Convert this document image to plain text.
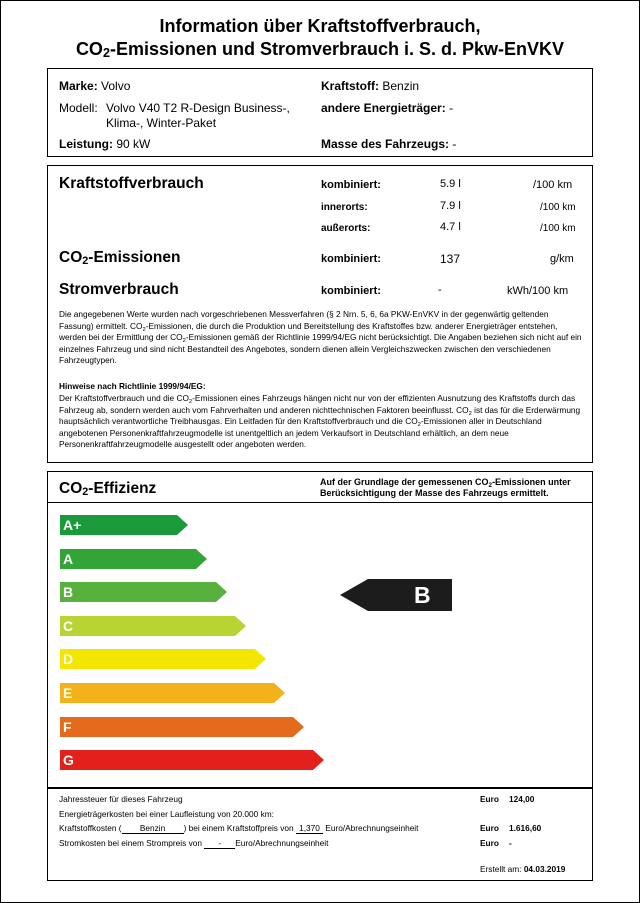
Information über Kraftstoffverbrauch,
$CO_2$-Emissionen und Stromverbrauch i. S. d. Pkw-EnVKV
Marke: Volvo
Modell: Volvo V40 T2 R-Design Business-,
Klima-, Winter-Paket
Leistung: 90 kW
Kraftstoff: Benzin
andere Energieträger: -
Masse des Fahrzeugs: -
Kraftstoffverbrauch	kombiniert:	5.9 l	/100 km
innerorts:	7.9 l	/100 km
außerorts:	4.7 l	/100 km
$CO_2$-Emissionen	kombiniert:	137	g/km
Stromverbrauch	kombiniert:	-	kWh/100 km
Die angegebenen Werte wurden nach vorgeschriebenen Messverfahren (§ 2 Nrn. 5, 6, 6a PKW-EnVKV in der gegenwärtig geltenden Fassung) ermittelt. $CO_2$-Emissionen, die durch die Produktion und Bereitstellung des Kraftstoffes bzw. anderer Energieträger entstehen, werden bei der Ermittlung der $CO_2$-Emissionen gemäß der Richtlinie 1999/94/EG nicht berücksichtigt. Die Angaben beziehen sich nicht auf ein einzelnes Fahrzeug und sind nicht Bestandteil des Angebotes, sondern dienen allein Vergleichszwecken zwischen den verschiedenen Fahrzeugtypen.
Hinweise nach Richtlinie 1999/94/EG:
Der Kraftstoffverbrauch und die $CO_2$-Emissionen eines Fahrzeugs hängen nicht nur von der effizienten Ausnutzung des Kraftstoffs durch das Fahrzeug ab, sondern werden auch vom Fahrverhalten und anderen nichttechnischen Faktoren beeinflusst. $CO_2$ ist das für die Erderwärmung hauptsächlich verantwortliche Treibhausgas. Ein Leitfaden für den Kraftstoffverbrauch und die $CO_2$-Emissionen aller in Deutschland angebotenen Personenkraftfahrzeugmodelle ist unentgeltlich an jedem Verkaufsort in Deutschland erhältlich, an dem neue Personenkraftfahrzeugmodelle ausgestellt oder angeboten werden.
$CO_2$-Effizienz	Auf der Grundlage der gemessenen $CO_2$-Emissionen unter
Berücksichtigung der Masse des Fahrzeugs ermittelt.
A+
A
B
C
D
E
F
G
B
Jahressteuer für dieses Fahrzeug	Euro 124,00
Energieträgerkosten bei einer Laufleistung von 20.000 km:
Kraftstoffkosten ( Benzin ) bei einem Kraftstoffpreis von 1,370 Euro/Abrechnungseinheit	Euro 1.616,60
Stromkosten bei einem Strompreis von - Euro/Abrechnungseinheit	Euro -
Erstellt am: 04.03.2019
